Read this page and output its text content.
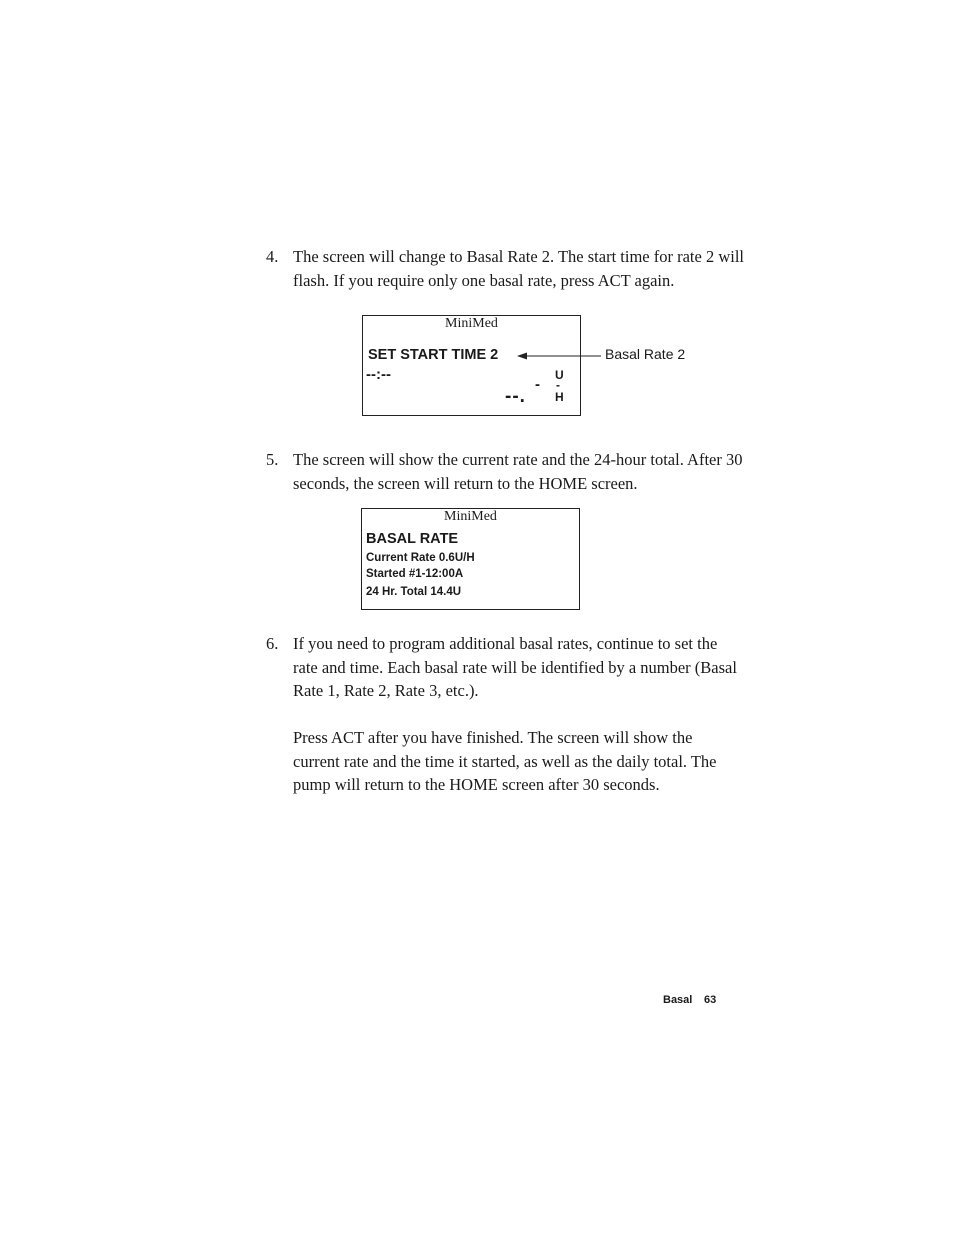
4. The screen will change to Basal Rate 2. The start time for rate 2 will flash. If you require only one basal rate, press ACT again.
MiniMed
SET START TIME 2
--:--
--.
-
U
-
H
Basal Rate 2
5. The screen will show the current rate and the 24-hour total. After 30 seconds, the screen will return to the HOME screen.
MiniMed
BASAL RATE
Current Rate 0.6U/H
Started #1-12:00A
24 Hr. Total 14.4U
6. If you need to program additional basal rates, continue to set the rate and time. Each basal rate will be identified by a number (Basal Rate 1, Rate 2, Rate 3, etc.).
Press ACT after you have finished. The screen will show the current rate and the time it started, as well as the daily total. The pump will return to the HOME screen after 30 seconds.
Basal 63
